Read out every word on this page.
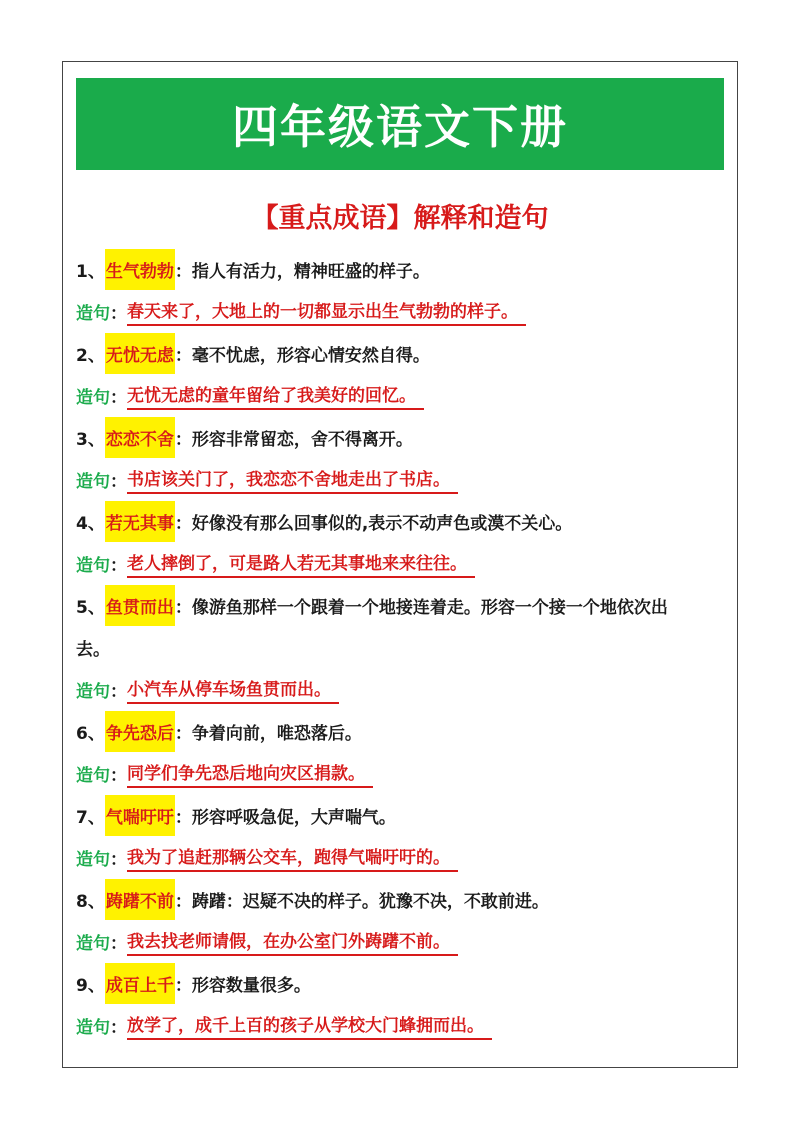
四年级语文下册
【重点成语】解释和造句
1、 生气勃勃 ： 指人有活力，精神旺盛的样子。
造句 ： 春天来了，大地上的一切都显示出生气勃勃的样子。
2、 无忧无虑 ： 毫不忧虑，形容心情安然自得。
造句 ： 无忧无虑的童年留给了我美好的回忆。
3、 恋恋不舍 ： 形容非常留恋，舍不得离开。
造句 ： 书店该关门了，我恋恋不舍地走出了书店。
4、 若无其事 ： 好像没有那么回事似的,表示不动声色或漠不关心。
造句 ： 老人摔倒了，可是路人若无其事地来来往往。
5、 鱼贯而出 ： 像游鱼那样一个跟着一个地接连着走。形容一个接一个地依次出
去。
造句 ： 小汽车从停车场鱼贯而出。
6、 争先恐后 ： 争着向前，唯恐落后。
造句 ： 同学们争先恐后地向灾区捐款。
7、 气喘吁吁 ： 形容呼吸急促，大声喘气。
造句 ： 我为了追赶那辆公交车，跑得气喘吁吁的。
8、 踌躇不前 ： 踌躇：迟疑不决的样子。犹豫不决，不敢前进。
造句 ： 我去找老师请假，在办公室门外踌躇不前。
9、 成百上千 ： 形容数量很多。
造句 ： 放学了，成千上百的孩子从学校大门蜂拥而出。
